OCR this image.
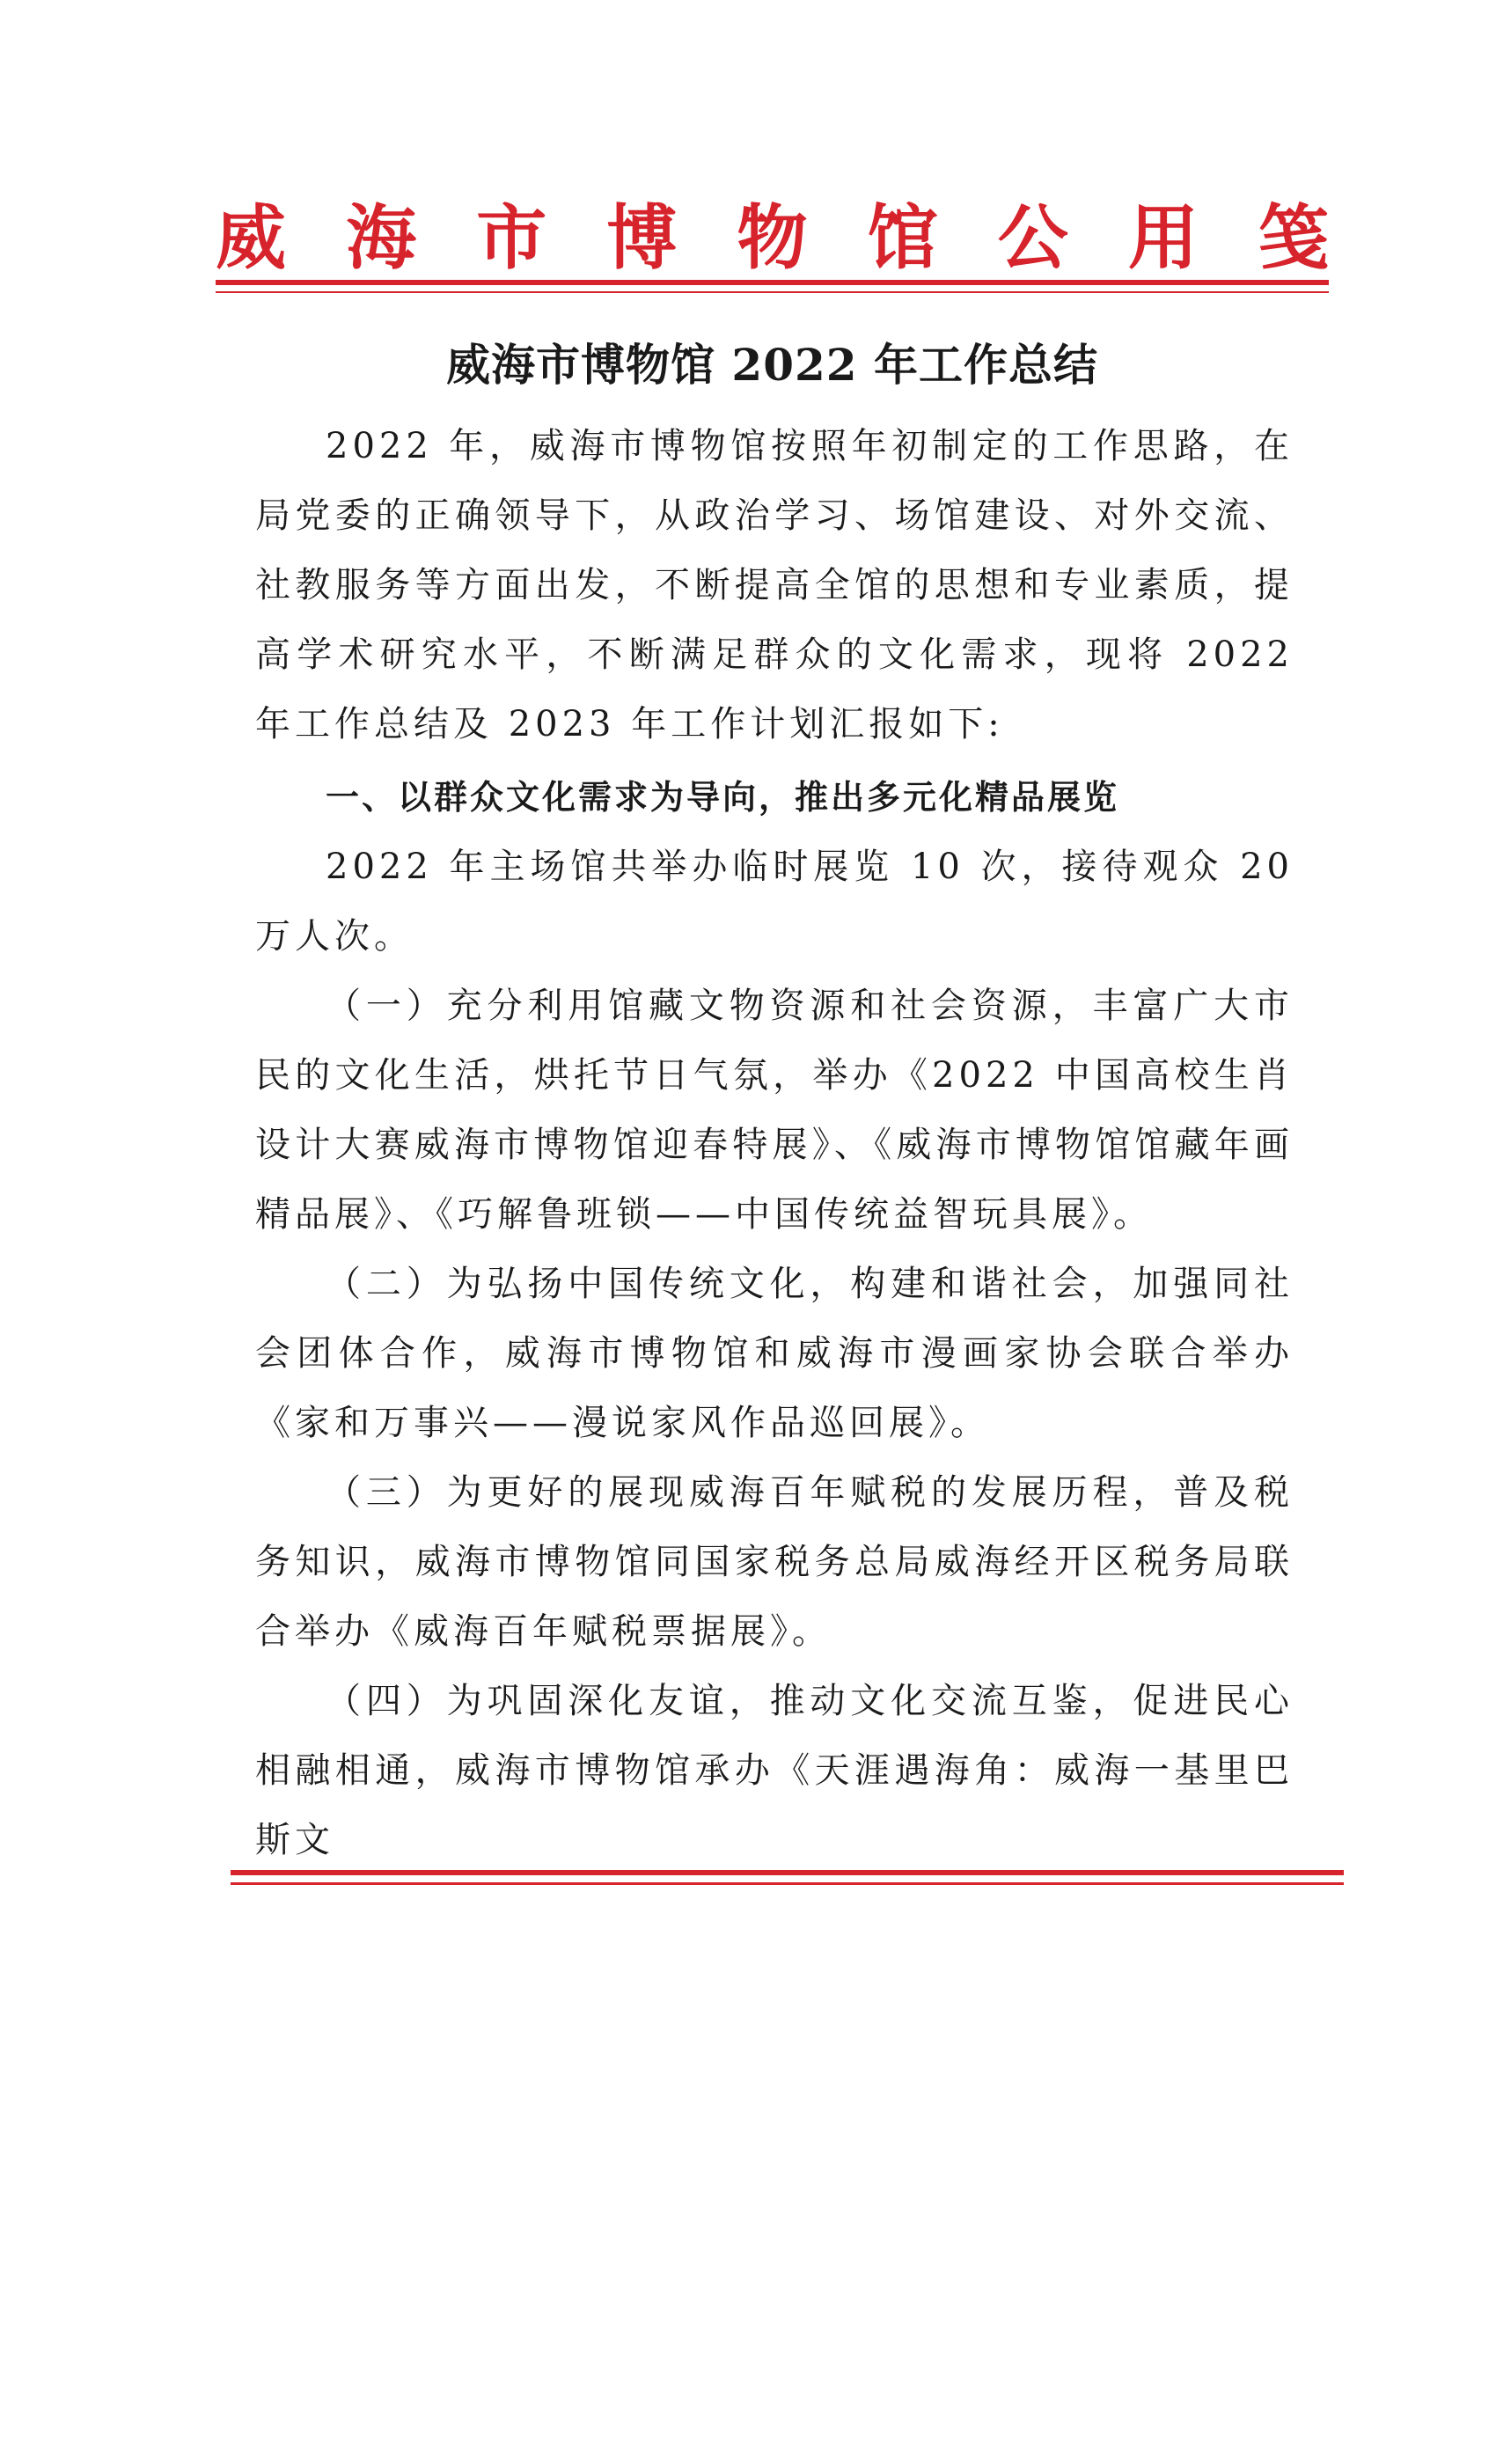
威 海 市 博 物 馆 公 用 笺
威海市博物馆 2022 年工作总结

2022 年，威海市博物馆按照年初制定的工作思路，在局党委的正确领导下，从政治学习、场馆建设、对外交流、社教服务等方面出发，不断提高全馆的思想和专业素质，提高学术研究水平，不断满足群众的文化需求，现将 2022 年工作总结及 2023 年工作计划汇报如下:

一、以群众文化需求为导向，推出多元化精品展览

2022 年主场馆共举办临时展览 10 次，接待观众 20 万人次。

（一）充分利用馆藏文物资源和社会资源，丰富广大市民的文化生活，烘托节日气氛，举办《2022 中国高校生肖设计大赛威海市博物馆迎春特展》、《威海市博物馆馆藏年画精品展》、《巧解鲁班锁——中国传统益智玩具展》。

（二）为弘扬中国传统文化，构建和谐社会，加强同社会团体合作，威海市博物馆和威海市漫画家协会联合举办《家和万事兴——漫说家风作品巡回展》。

（三）为更好的展现威海百年赋税的发展历程，普及税务知识，威海市博物馆同国家税务总局威海经开区税务局联合举办《威海百年赋税票据展》。

（四）为巩固深化友谊，推动文化交流互鉴，促进民心相融相通，威海市博物馆承办《天涯遇海角：威海一基里巴斯文
